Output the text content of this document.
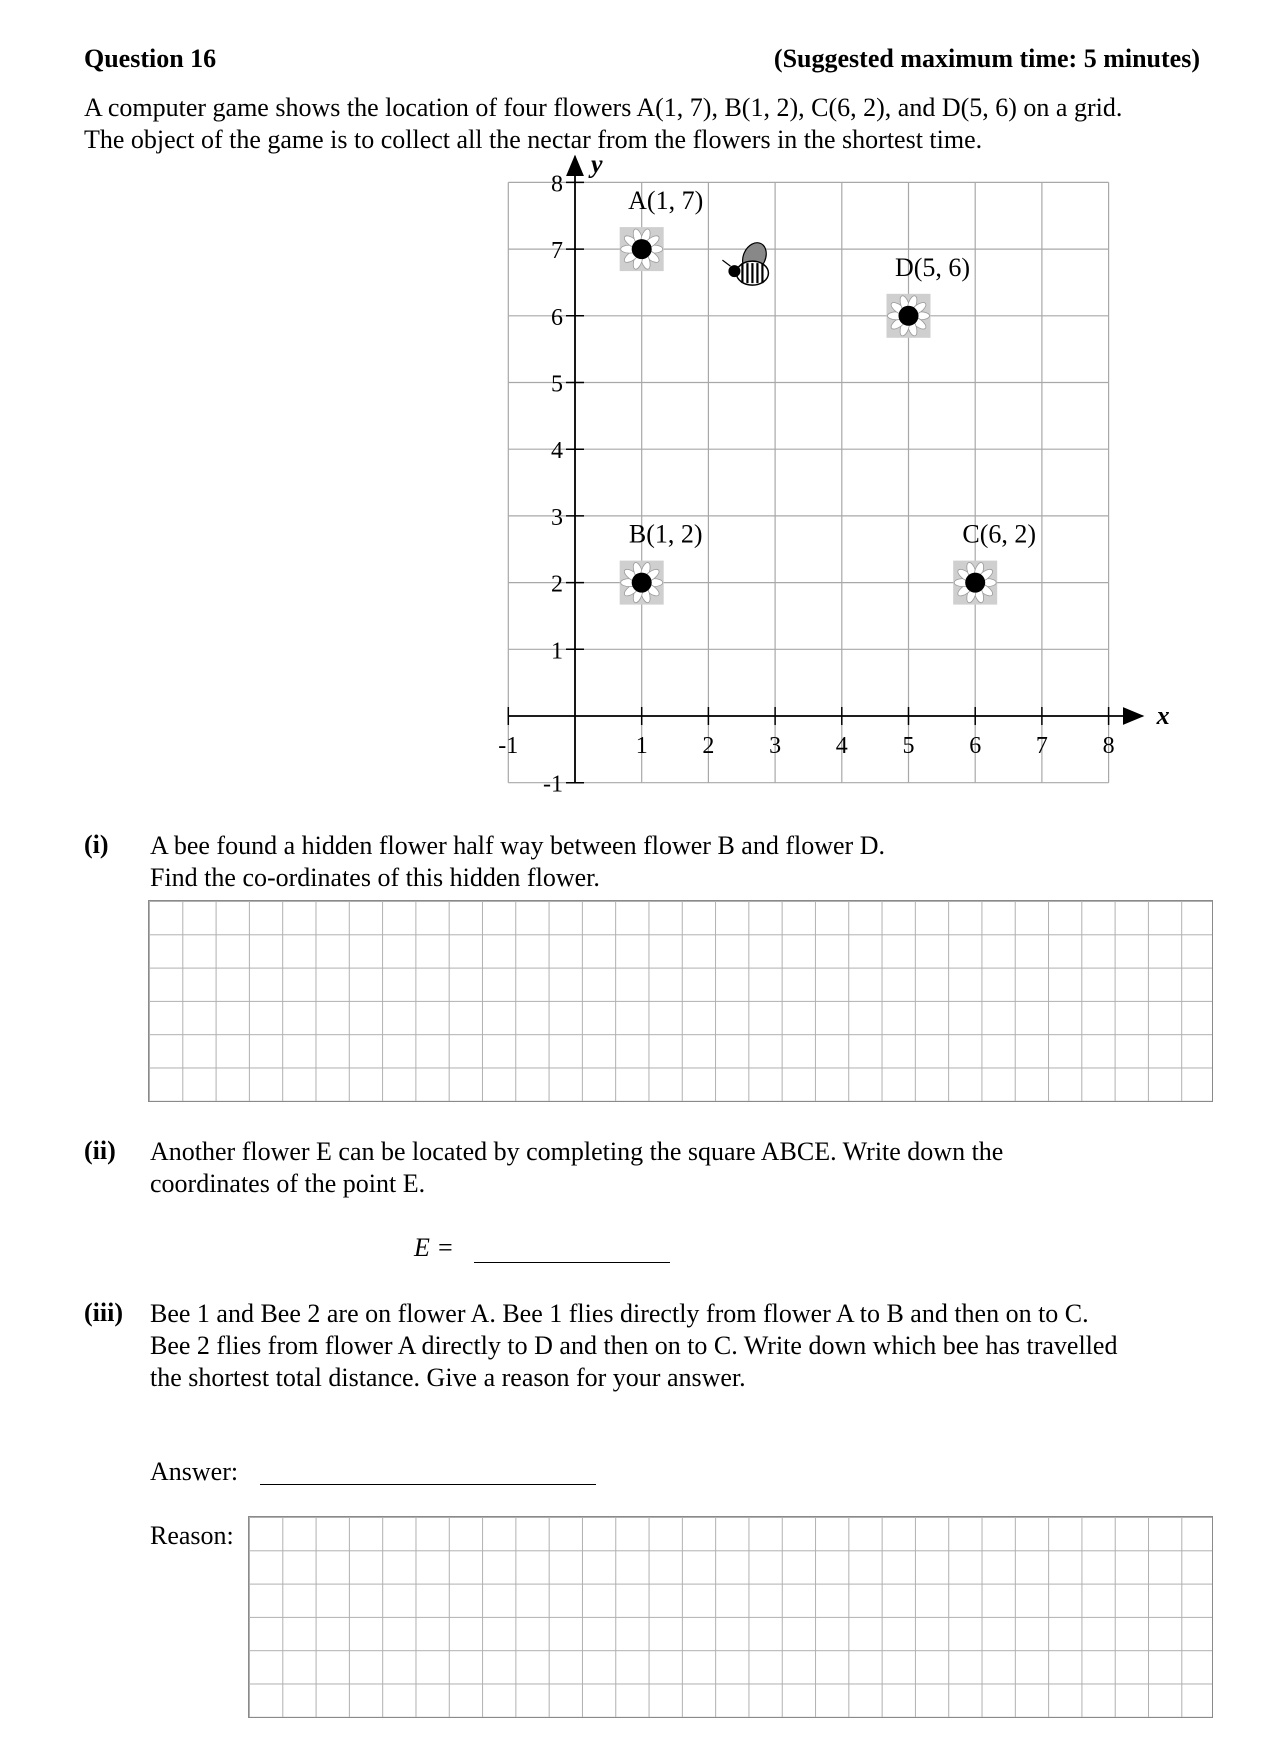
Question 16	(Suggested maximum time: 5 minutes)
A computer game shows the location of four flowers A(1, 7), B(1, 2), C(6, 2), and D(5, 6) on a grid.
The object of the game is to collect all the nectar from the flowers in the shortest time.
x
y
-1	1 2 3 4 5 6 7 8
-1
1
2
3
4
5
6
7
8
A(1, 7)
B(1, 2)	C(6, 2)
D(5, 6)
(i) A bee found a hidden flower half way between flower B and flower D.
Find the co-ordinates of this hidden flower.
(ii) Another flower E can be located by completing the square ABCE. Write down the
coordinates of the point E.
E =
(iii) Bee 1 and Bee 2 are on flower A. Bee 1 flies directly from flower A to B and then on to C.
Bee 2 flies from flower A directly to D and then on to C. Write down which bee has travelled
the shortest total distance. Give a reason for your answer.
Answer:
Reason:
